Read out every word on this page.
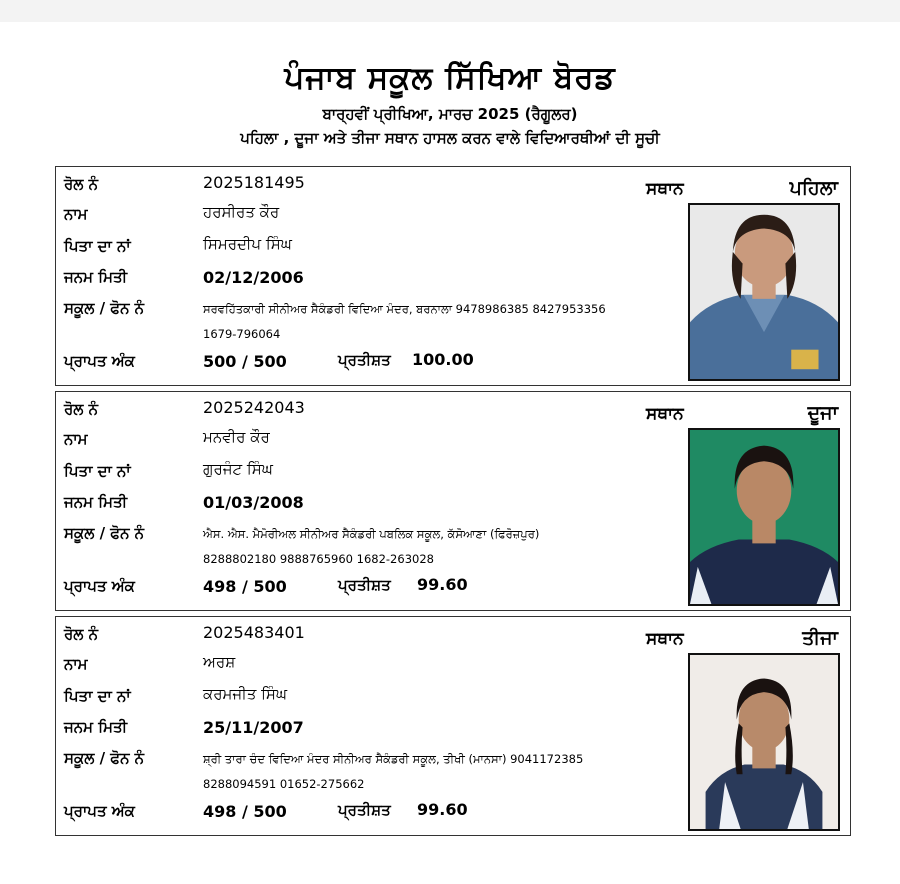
ਪੰਜਾਬ ਸਕੂਲ ਸਿੱਖਿਆ ਬੋਰਡ
ਬਾਰ੍ਹਵੀਂ ਪ੍ਰੀਖਿਆ, ਮਾਰਚ 2025 (ਰੈਗੂਲਰ)
ਪਹਿਲਾ , ਦੂਜਾ ਅਤੇ ਤੀਜਾ ਸਥਾਨ ਹਾਸਲ ਕਰਨ ਵਾਲੇ ਵਿਦਿਆਰਥੀਆਂ ਦੀ ਸੂਚੀ
ਰੋਲ ਨੰ	2025181495
ਨਾਮ	ਹਰਸੀਰਤ ਕੌਰ
ਪਿਤਾ ਦਾ ਨਾਂ	ਸਿਮਰਦੀਪ ਸਿੰਘ
ਜਨਮ ਮਿਤੀ	02/12/2006
ਸਕੂਲ / ਫੋਨ ਨੰ	ਸਰਵਹਿੱਤਕਾਰੀ ਸੀਨੀਅਰ ਸੈਕੰਡਰੀ ਵਿਦਿਆ ਮੰਦਰ, ਬਰਨਾਲਾ 9478986385 8427953356
1679-796064
ਪ੍ਰਾਪਤ ਅੰਕ	500 / 500	ਪ੍ਰਤੀਸ਼ਤ 100.00
ਸਥਾਨ	ਪਹਿਲਾ
ਰੋਲ ਨੰ	2025242043
ਨਾਮ	ਮਨਵੀਰ ਕੌਰ
ਪਿਤਾ ਦਾ ਨਾਂ	ਗੁਰਜੰਟ ਸਿੰਘ
ਜਨਮ ਮਿਤੀ	01/03/2008
ਸਕੂਲ / ਫੋਨ ਨੰ	ਐਸ. ਐਸ. ਮੈਮੋਰੀਅਲ ਸੀਨੀਅਰ ਸੈਕੰਡਰੀ ਪਬਲਿਕ ਸਕੂਲ, ਕੱਸੋਆਣਾ (ਫਿਰੋਜ਼ਪੁਰ)
8288802180 9888765960 1682-263028
ਪ੍ਰਾਪਤ ਅੰਕ	498 / 500	ਪ੍ਰਤੀਸ਼ਤ 99.60
ਸਥਾਨ	ਦੂਜਾ
ਰੋਲ ਨੰ	2025483401
ਨਾਮ	ਅਰਸ਼
ਪਿਤਾ ਦਾ ਨਾਂ	ਕਰਮਜੀਤ ਸਿੰਘ
ਜਨਮ ਮਿਤੀ	25/11/2007
ਸਕੂਲ / ਫੋਨ ਨੰ	ਸ਼੍ਰੀ ਤਾਰਾ ਚੰਦ ਵਿਦਿਆ ਮੰਦਰ ਸੀਨੀਅਰ ਸੈਕੰਡਰੀ ਸਕੂਲ, ਤੀਖੀ (ਮਾਨਸਾ) 9041172385
8288094591 01652-275662
ਪ੍ਰਾਪਤ ਅੰਕ	498 / 500	ਪ੍ਰਤੀਸ਼ਤ 99.60
ਸਥਾਨ	ਤੀਜਾ
